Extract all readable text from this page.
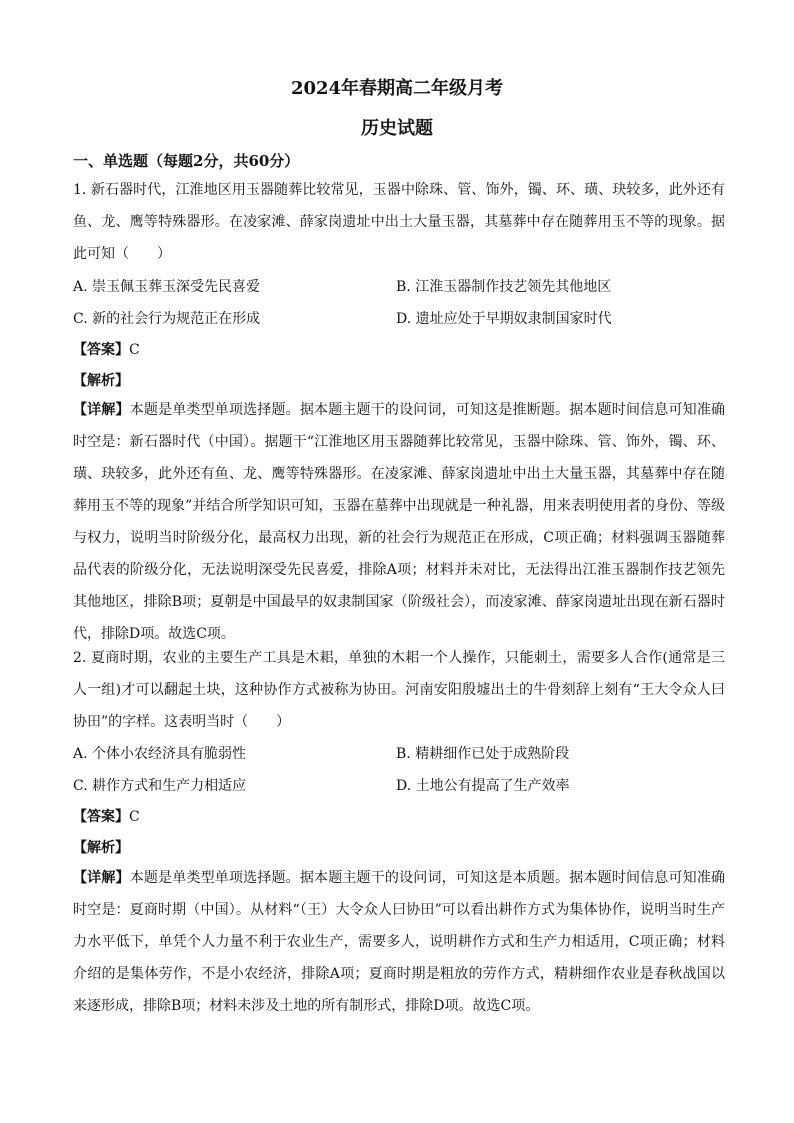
2024年春期高二年级月考
历史试题
一、单选题（每题2分，共60分）
1. 新石器时代，江淮地区用玉器随葬比较常见，玉器中除珠、管、饰外，镯、环、璜、玦较多，此外还有鱼、龙、鹰等特殊器形。在凌家滩、薛家岗遗址中出土大量玉器，其墓葬中存在随葬用玉不等的现象。据此可知（　　）
A. 崇玉佩玉葬玉深受先民喜爱	B. 江淮玉器制作技艺领先其他地区
C. 新的社会行为规范正在形成	D. 遗址应处于早期奴隶制国家时代
【答案】C
【解析】
【详解】本题是单类型单项选择题。据本题主题干的设问词，可知这是推断题。据本题时间信息可知准确时空是：新石器时代（中国）。据题干“江淮地区用玉器随葬比较常见，玉器中除珠、管、饰外，镯、环、璜、玦较多，此外还有鱼、龙、鹰等特殊器形。在凌家滩、薛家岗遗址中出土大量玉器，其墓葬中存在随葬用玉不等的现象”并结合所学知识可知，玉器在墓葬中出现就是一种礼器，用来表明使用者的身份、等级与权力，说明当时阶级分化，最高权力出现，新的社会行为规范正在形成，C项正确；材料强调玉器随葬品代表的阶级分化，无法说明深受先民喜爱，排除A项；材料并未对比，无法得出江淮玉器制作技艺领先其他地区，排除B项；夏朝是中国最早的奴隶制国家（阶级社会），而凌家滩、薛家岗遗址出现在新石器时代，排除D项。故选C项。
2. 夏商时期，农业的主要生产工具是木耜，单独的木耜一个人操作，只能刺土，需要多人合作(通常是三人一组)才可以翻起土块，这种协作方式被称为协田。河南安阳殷墟出土的牛骨刻辞上刻有“王大令众人曰协田”的字样。这表明当时（　　）
A. 个体小农经济具有脆弱性	B. 精耕细作已处于成熟阶段
C. 耕作方式和生产力相适应	D. 土地公有提高了生产效率
【答案】C
【解析】
【详解】本题是单类型单项选择题。据本题主题干的设问词，可知这是本质题。据本题时间信息可知准确时空是：夏商时期（中国）。从材料“（王）大令众人曰协田”可以看出耕作方式为集体协作，说明当时生产力水平低下，单凭个人力量不利于农业生产，需要多人，说明耕作方式和生产力相适用，C项正确；材料介绍的是集体劳作，不是小农经济，排除A项；夏商时期是粗放的劳作方式，精耕细作农业是春秋战国以来逐形成，排除B项；材料未涉及土地的所有制形式，排除D项。故选C项。
